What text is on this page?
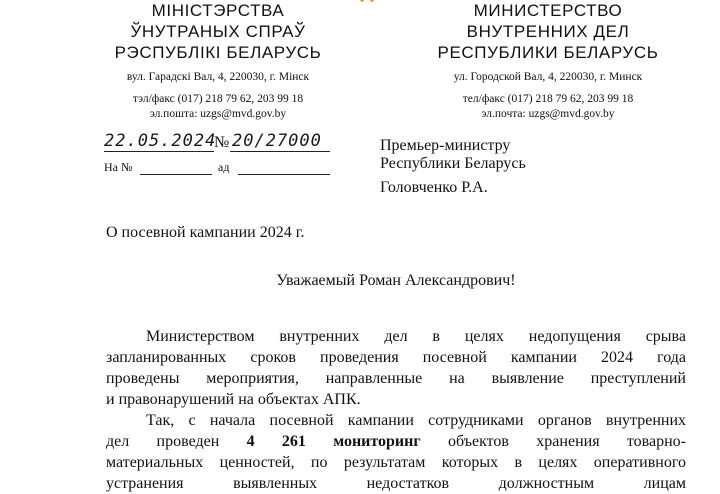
МІНІСТЭРСТВА
ЎНУТРАНЫХ СПРАЎ
РЭСПУБЛІКІ БЕЛАРУСЬ
вул. Гарадскі Вал, 4, 220030, г. Мінск
тэл/факс (017) 218 79 62, 203 99 18
эл.пошта: uzgs@mvd.gov.by
МИНИСТЕРСТВО
ВНУТРЕННИХ ДЕЛ
РЕСПУБЛИКИ БЕЛАРУСЬ
ул. Городской Вал, 4, 220030, г. Минск
тел/факс (017) 218 79 62, 203 99 18
эл.почта: uzgs@mvd.gov.by
22.05.2024
№ 20/27000
На №	ад
Премьер-министру
Республики Беларусь
Головченко Р.А.
О посевной кампании 2024 г.
Уважаемый Роман Александрович!
Министерством внутренних дел в целях недопущения срыва
запланированных сроков проведения посевной кампании 2024 года
проведены мероприятия, направленные на выявление преступлений
и правонарушений на объектах АПК.
Так, с начала посевной кампании сотрудниками органов внутренних
дел проведен 4 261 мониторинг объектов хранения товарно-
материальных ценностей, по результатам которых в целях оперативного
устранения выявленных недостатков должностным лицам
